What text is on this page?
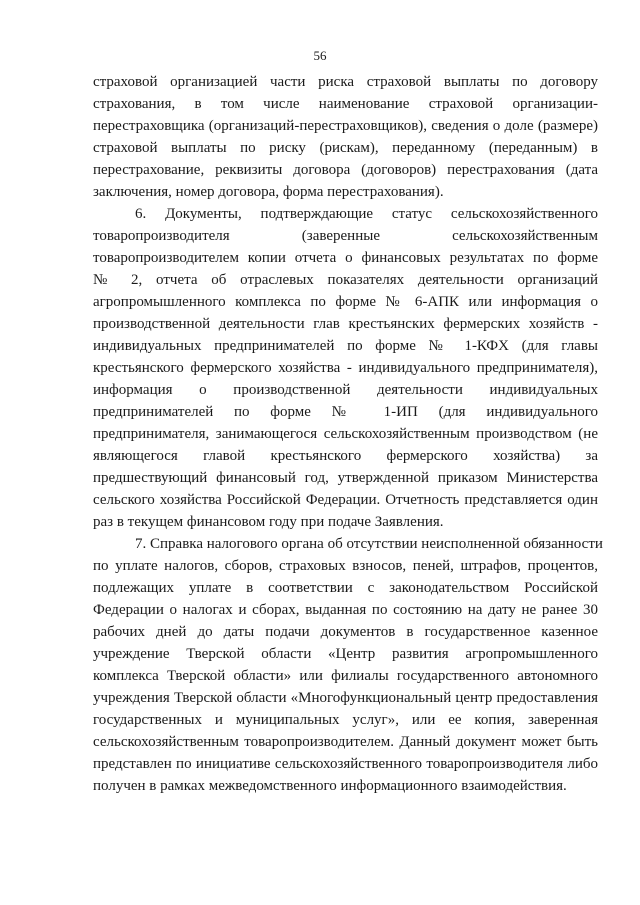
56
страховой организацией части риска страховой выплаты по договору
страхования, в том числе наименование страховой организации-
перестраховщика (организаций-перестраховщиков), сведения о доле (размере)
страховой выплаты по риску (рискам), переданному (переданным) в
перестрахование, реквизиты договора (договоров) перестрахования (дата
заключения, номер договора, форма перестрахования).
6. Документы, подтверждающие статус сельскохозяйственного
товаропроизводителя (заверенные сельскохозяйственным
товаропроизводителем копии отчета о финансовых результатах по форме
№ 2, отчета об отраслевых показателях деятельности организаций
агропромышленного комплекса по форме № 6-АПК или информация о
производственной деятельности глав крестьянских фермерских хозяйств -
индивидуальных предпринимателей по форме № 1-КФХ (для главы
крестьянского фермерского хозяйства - индивидуального предпринимателя),
информация о производственной деятельности индивидуальных
предпринимателей по форме № 1-ИП (для индивидуального
предпринимателя, занимающегося сельскохозяйственным производством (не
являющегося главой крестьянского фермерского хозяйства) за
предшествующий финансовый год, утвержденной приказом Министерства
сельского хозяйства Российской Федерации. Отчетность представляется один
раз в текущем финансовом году при подаче Заявления.
7. Справка налогового органа об отсутствии неисполненной обязанности
по уплате налогов, сборов, страховых взносов, пеней, штрафов, процентов,
подлежащих уплате в соответствии с законодательством Российской
Федерации о налогах и сборах, выданная по состоянию на дату не ранее 30
рабочих дней до даты подачи документов в государственное казенное
учреждение Тверской области «Центр развития агропромышленного
комплекса Тверской области» или филиалы государственного автономного
учреждения Тверской области «Многофункциональный центр предоставления
государственных и муниципальных услуг», или ее копия, заверенная
сельскохозяйственным товаропроизводителем. Данный документ может быть
представлен по инициативе сельскохозяйственного товаропроизводителя либо
получен в рамках межведомственного информационного взаимодействия.
